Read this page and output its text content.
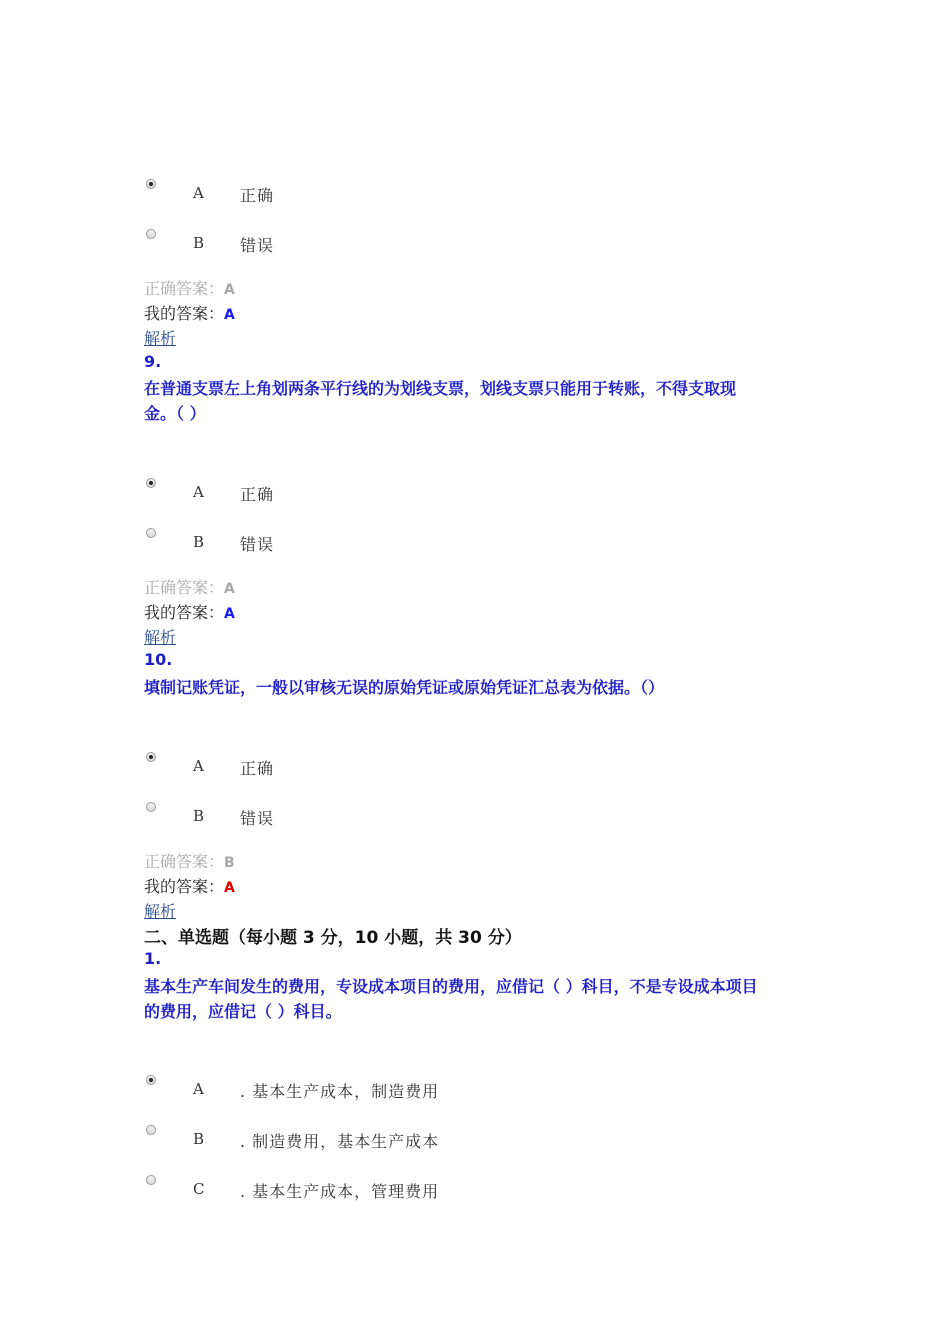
A 正确
B 错误
正确答案：A
我的答案：A
解析
9.
在普通支票左上角划两条平行线的为划线支票，划线支票只能用于转账，不得支取现
金。（ ）
A 正确
B 错误
正确答案：A
我的答案：A
解析
10.
填制记账凭证，一般以审核无误的原始凭证或原始凭证汇总表为依据。（）
A 正确
B 错误
正确答案：B
我的答案：A
解析
二、单选题（每小题 3 分，10 小题，共 30 分）
1.
基本生产车间发生的费用，专设成本项目的费用，应借记（ ）科目，不是专设成本项目
的费用，应借记（ ）科目。
A . 基本生产成本，制造费用
B . 制造费用，基本生产成本
C . 基本生产成本，管理费用
